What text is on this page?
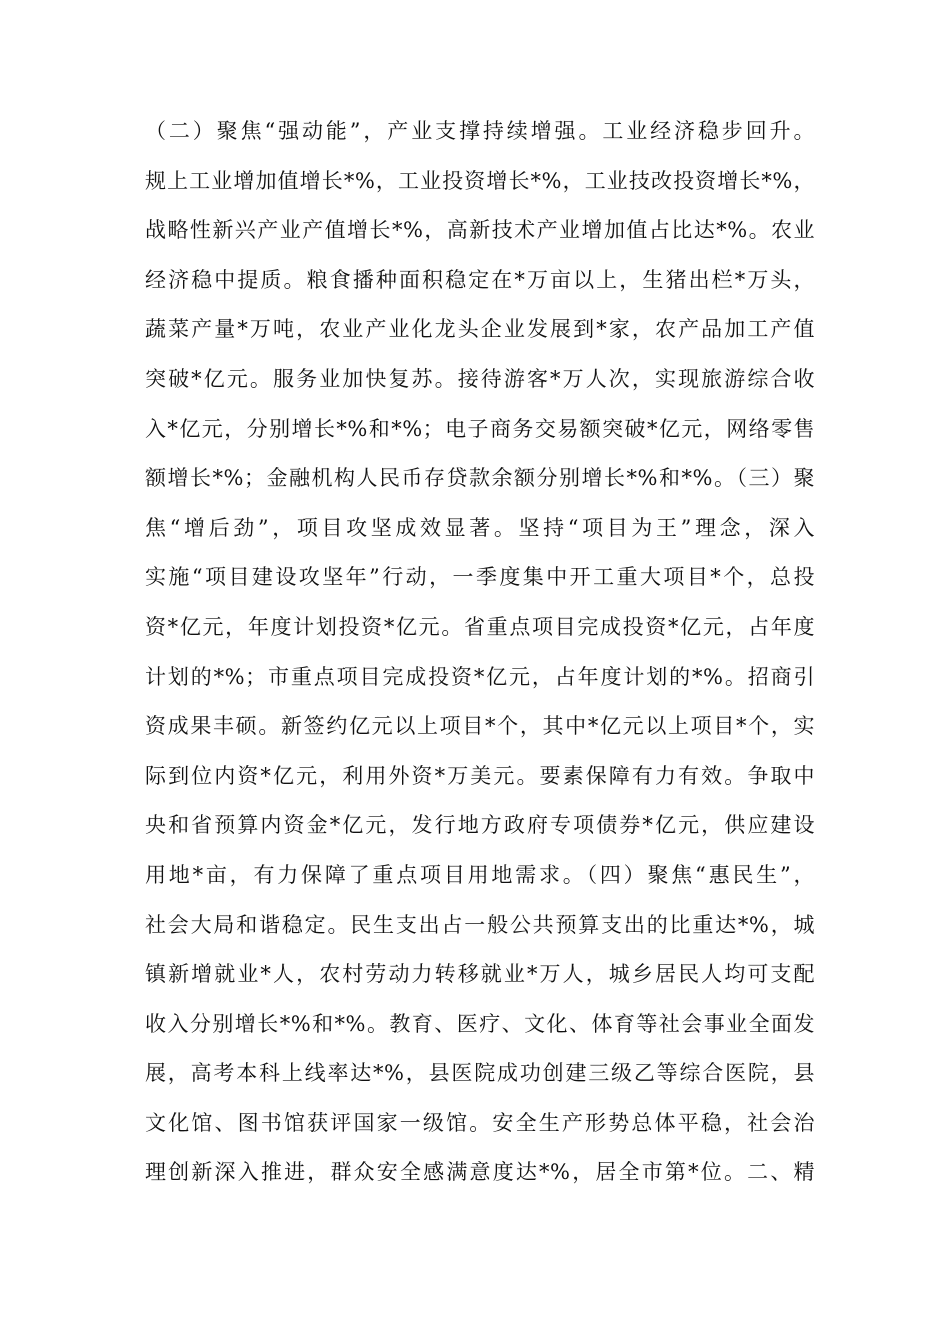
（二）聚焦“强动能”，产业支撑持续增强。工业经济稳步回升。
规上工业增加值增长*%，工业投资增长*%，工业技改投资增长*%，
战略性新兴产业产值增长*%，高新技术产业增加值占比达*%。农业
经济稳中提质。粮食播种面积稳定在*万亩以上，生猪出栏*万头，
蔬菜产量*万吨，农业产业化龙头企业发展到*家，农产品加工产值
突破*亿元。服务业加快复苏。接待游客*万人次，实现旅游综合收
入*亿元，分别增长*%和*%；电子商务交易额突破*亿元，网络零售
额增长*%；金融机构人民币存贷款余额分别增长*%和*%。（三）聚
焦“增后劲”，项目攻坚成效显著。坚持“项目为王”理念，深入
实施“项目建设攻坚年”行动，一季度集中开工重大项目*个，总投
资*亿元，年度计划投资*亿元。省重点项目完成投资*亿元，占年度
计划的*%；市重点项目完成投资*亿元，占年度计划的*%。招商引
资成果丰硕。新签约亿元以上项目*个，其中*亿元以上项目*个，实
际到位内资*亿元，利用外资*万美元。要素保障有力有效。争取中
央和省预算内资金*亿元，发行地方政府专项债券*亿元，供应建设
用地*亩，有力保障了重点项目用地需求。（四）聚焦“惠民生”，
社会大局和谐稳定。民生支出占一般公共预算支出的比重达*%，城
镇新增就业*人，农村劳动力转移就业*万人，城乡居民人均可支配
收入分别增长*%和*%。教育、医疗、文化、体育等社会事业全面发
展，高考本科上线率达*%，县医院成功创建三级乙等综合医院，县
文化馆、图书馆获评国家一级馆。安全生产形势总体平稳，社会治
理创新深入推进，群众安全感满意度达*%，居全市第*位。二、精
